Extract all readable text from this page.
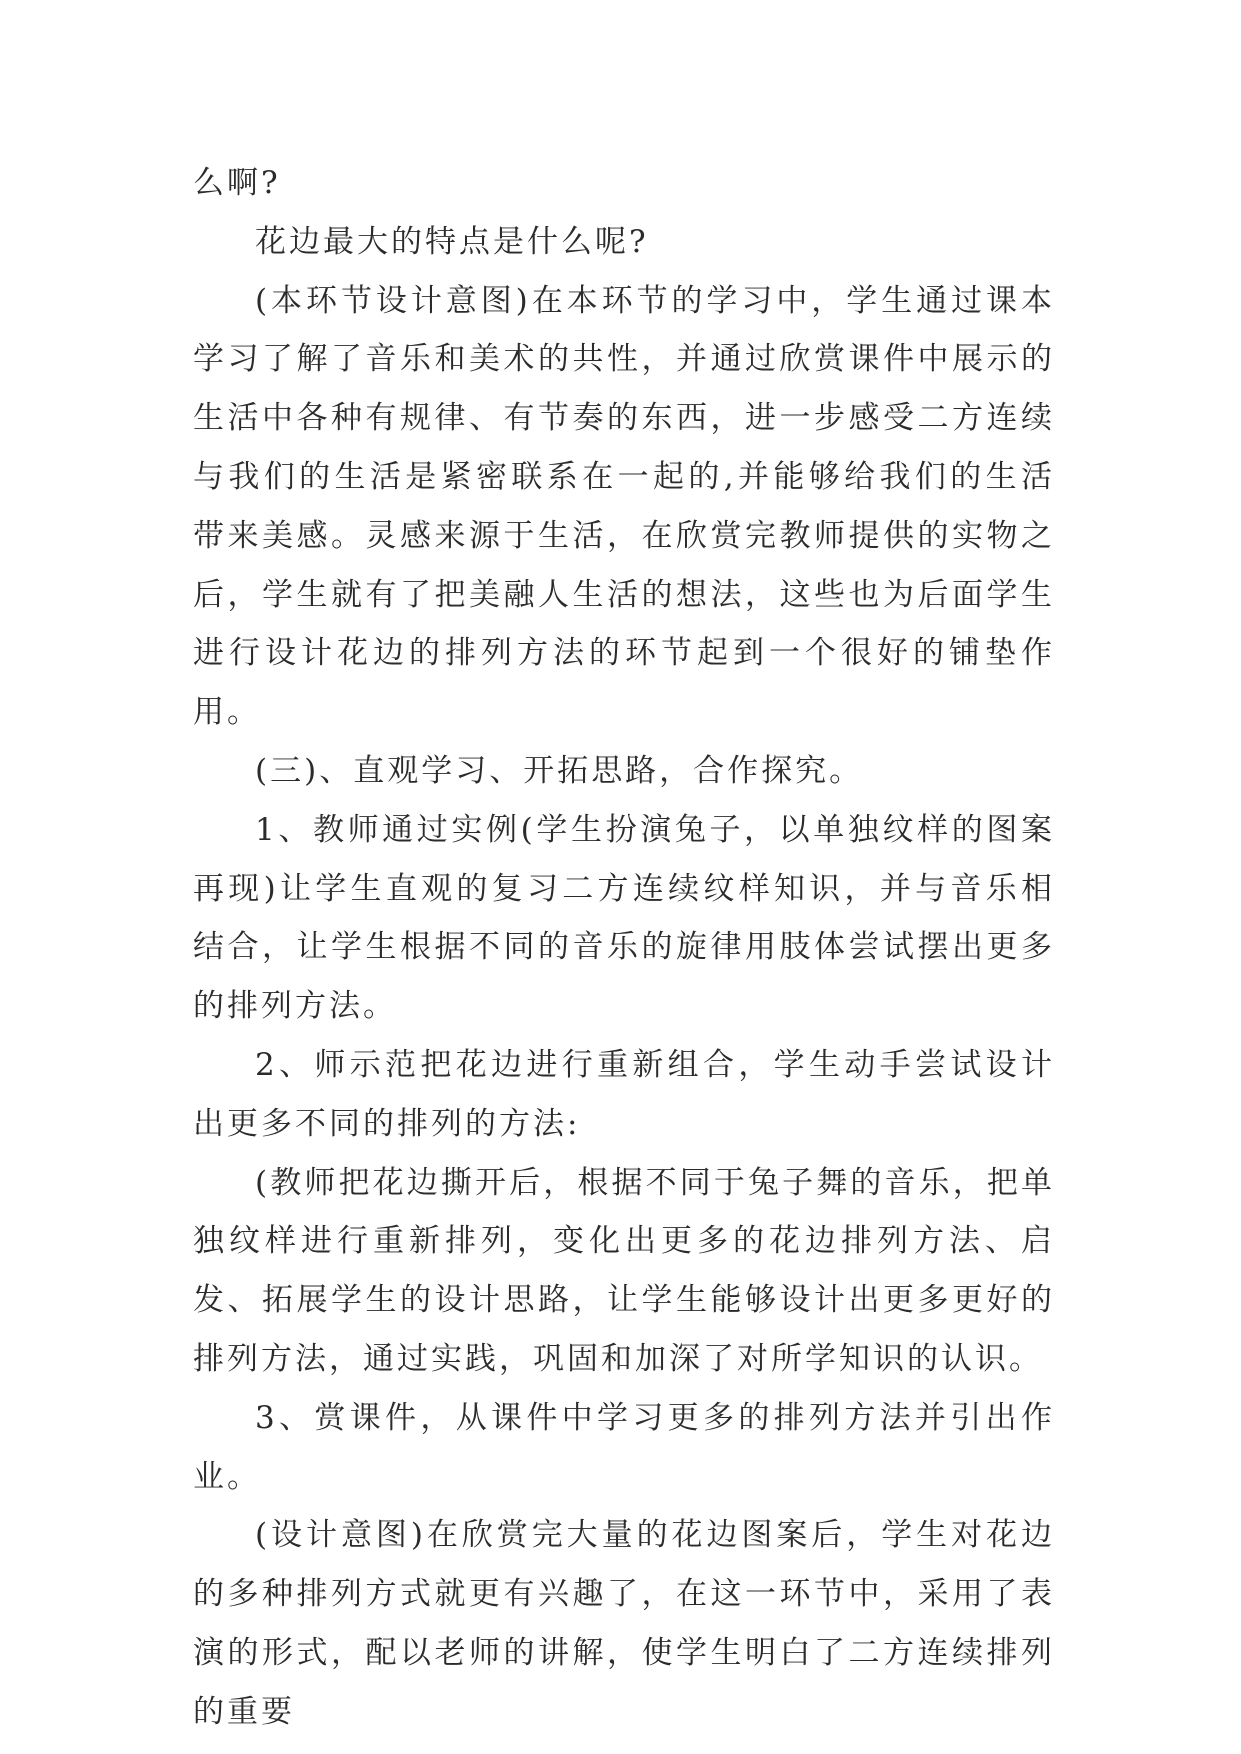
么啊?

花边最大的特点是什么呢?

(本环节设计意图)在本环节的学习中，学生通过课本学习了解了音乐和美术的共性，并通过欣赏课件中展示的生活中各种有规律、有节奏的东西，进一步感受二方连续与我们的生活是紧密联系在一起的,并能够给我们的生活带来美感。灵感来源于生活，在欣赏完教师提供的实物之后，学生就有了把美融人生活的想法，这些也为后面学生进行设计花边的排列方法的环节起到一个很好的铺垫作用。

(三)、直观学习、开拓思路，合作探究。

1、教师通过实例(学生扮演兔子，以单独纹样的图案再现)让学生直观的复习二方连续纹样知识，并与音乐相结合，让学生根据不同的音乐的旋律用肢体尝试摆出更多的排列方法。

2、师示范把花边进行重新组合，学生动手尝试设计出更多不同的排列的方法:

(教师把花边撕开后，根据不同于兔子舞的音乐，把单独纹样进行重新排列，变化出更多的花边排列方法、启发、拓展学生的设计思路，让学生能够设计出更多更好的排列方法，通过实践，巩固和加深了对所学知识的认识。

3、赏课件，从课件中学习更多的排列方法并引出作业。

(设计意图)在欣赏完大量的花边图案后，学生对花边的多种排列方式就更有兴趣了，在这一环节中，采用了表演的形式，配以老师的讲解，使学生明白了二方连续排列的重要
